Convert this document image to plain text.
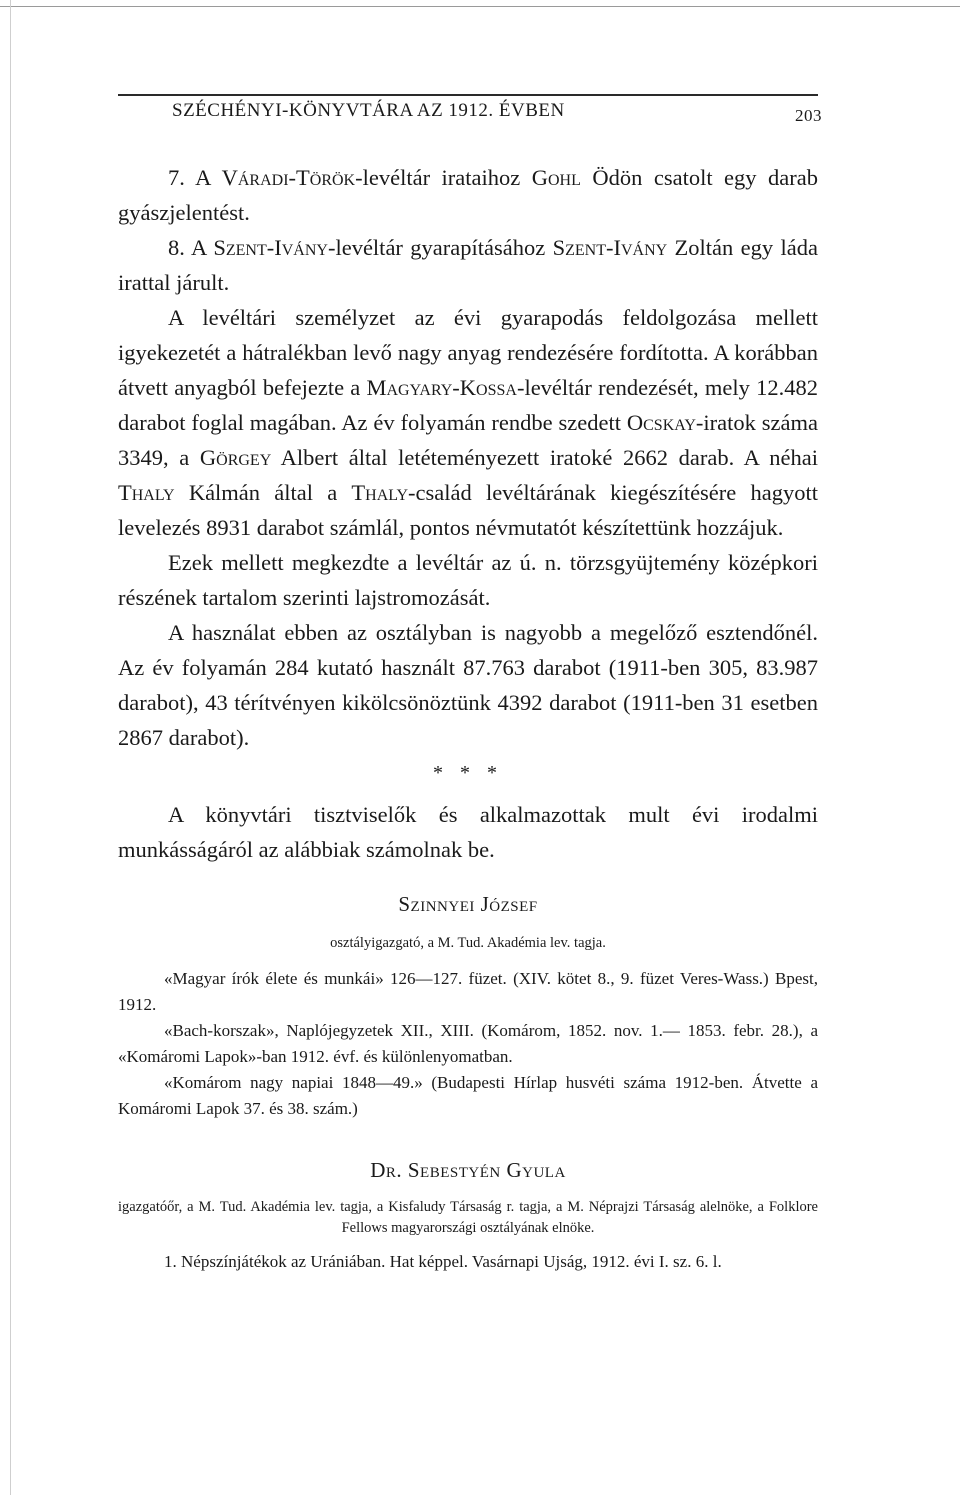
SZÉCHÉNYI-KÖNYVTÁRA AZ 1912. ÉVBEN	203

7. A Váradi-Török-levéltár irataihoz Gohl Ödön csatolt egy darab gyászjelentést.

8. A Szent-Ivány-levéltár gyarapításához Szent-Ivány Zoltán egy láda irattal járult.

A levéltári személyzet az évi gyarapodás feldolgozása mellett igyekezetét a hátralékban levő nagy anyag rendezésére fordította. A korábban átvett anyagból befejezte a Magyary-Kossa-levéltár rendezését, mely 12.482 darabot foglal magában. Az év folyamán rendbe szedett Ocskay-iratok száma 3349, a Görgey Albert által letéteményezett iratoké 2662 darab. A néhai Thaly Kálmán által a Thaly-család levéltárának kiegészítésére hagyott levelezés 8931 darabot számlál, pontos névmutatót készítettünk hozzájuk.

Ezek mellett megkezdte a levéltár az ú. n. törzsgyüjtemény középkori részének tartalom szerinti lajstromozását.

A használat ebben az osztályban is nagyobb a megelőző esztendőnél. Az év folyamán 284 kutató használt 87.763 darabot (1911-ben 305, 83.987 darabot), 43 térítvényen kikölcsönöztünk 4392 darabot (1911-ben 31 esetben 2867 darabot).

* * *

A könyvtári tisztviselők és alkalmazottak mult évi irodalmi munkásságáról az alábbiak számolnak be.

Szinnyei József

osztályigazgató, a M. Tud. Akadémia lev. tagja.

«Magyar írók élete és munkái» 126—127. füzet. (XIV. kötet 8., 9. füzet Veres-Wass.) Bpest, 1912.
«Bach-korszak», Naplójegyzetek XII., XIII. (Komárom, 1852. nov. 1.— 1853. febr. 28.), a «Komáromi Lapok»-ban 1912. évf. és különlenyomatban.
«Komárom nagy napiai 1848—49.» (Budapesti Hírlap husvéti száma 1912-ben. Átvette a Komáromi Lapok 37. és 38. szám.)

Dr. Sebestyén Gyula

igazgatóőr, a M. Tud. Akadémia lev. tagja, a Kisfaludy Társaság r. tagja, a M. Néprajzi Társaság alelnöke, a Folklore Fellows magyarországi osztályának elnöke.

1. Népszínjátékok az Urániában. Hat képpel. Vasárnapi Ujság, 1912. évi I. sz. 6. l.
